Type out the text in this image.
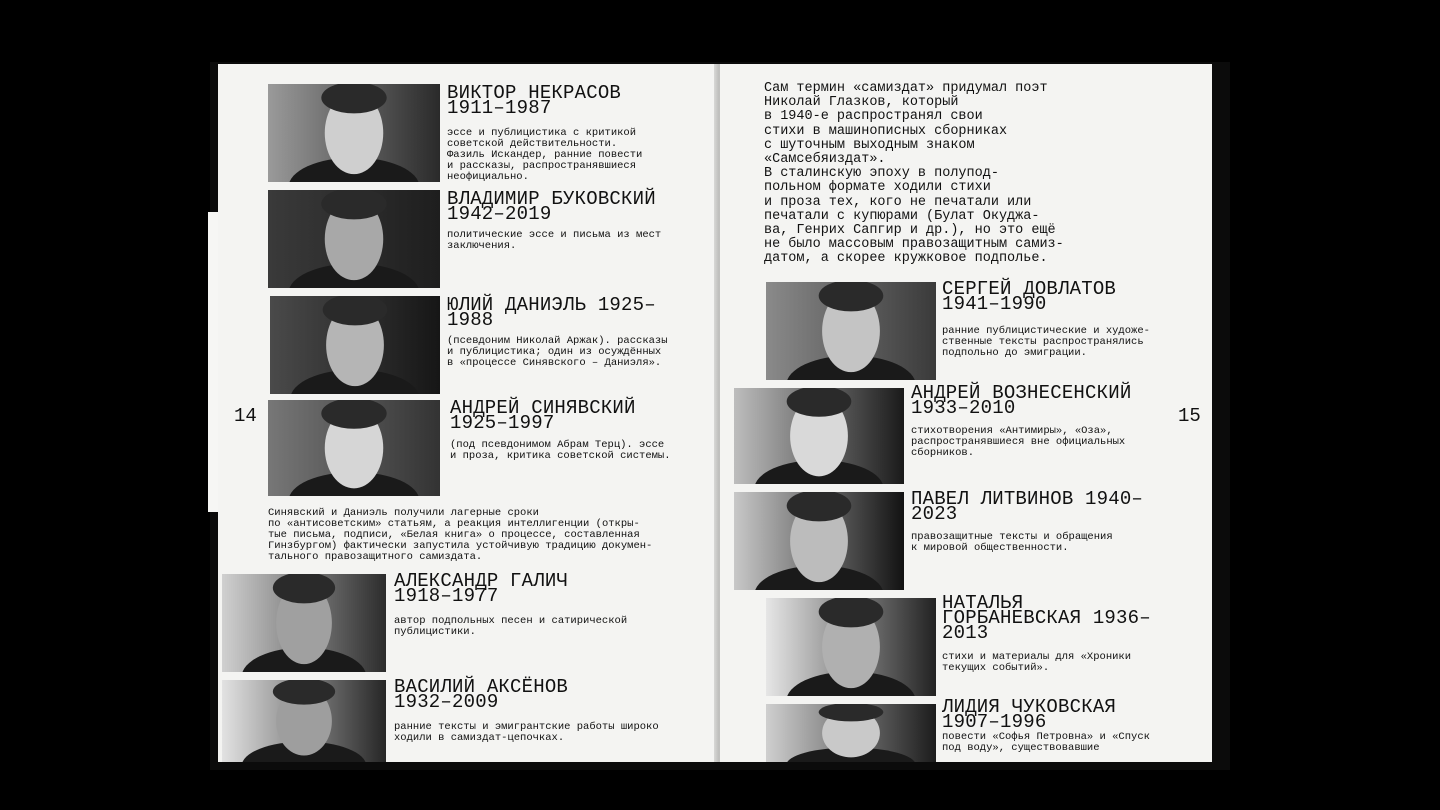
14
ВИКТОР НЕКРАСОВ
1911–1987
эссе и публицистика с критикой
советской действительности.
Фазиль Искандер, ранние повести
и рассказы, распространявшиеся
неофициально.
ВЛАДИМИР БУКОВСКИЙ
1942–2019
политические эссе и письма из мест
заключения.
ЮЛИЙ ДАНИЭЛЬ 1925–
1988
(псевдоним Николай Аржак). рассказы
и публицистика; один из осуждённых
в «процессе Синявского – Даниэля».
АНДРЕЙ СИНЯВСКИЙ
1925–1997
(под псевдонимом Абрам Терц). эссе
и проза, критика советской системы.
Синявский и Даниэль получили лагерные сроки
по «антисоветским» статьям, а реакция интеллигенции (откры-
тые письма, подписи, «Белая книга» о процессе, составленная
Гинзбургом) фактически запустила устойчивую традицию докумен-
тального правозащитного самиздата.
АЛЕКСАНДР ГАЛИЧ
1918–1977
автор подпольных песен и сатирической
публицистики.
ВАСИЛИЙ АКСЁНОВ
1932–2009
ранние тексты и эмигрантские работы широко
ходили в самиздат-цепочках.
15
Сам термин «самиздат» придумал поэт
Николай Глазков, который
в 1940-е распространял свои
стихи в машинописных сборниках
с шуточным выходным знаком
«Самсебяиздат».
В сталинскую эпоху в полупод-
польном формате ходили стихи
и проза тех, кого не печатали или
печатали с купюрами (Булат Окуджа-
ва, Генрих Сапгир и др.), но это ещё
не было массовым правозащитным самиз-
датом, а скорее кружковое подполье.
СЕРГЕЙ ДОВЛАТОВ
1941–1990
ранние публицистические и художе-
ственные тексты распространялись
подпольно до эмиграции.
АНДРЕЙ ВОЗНЕСЕНСКИЙ
1933–2010
стихотворения «Антимиры», «Оза»,
распространявшиеся вне официальных
сборников.
ПАВЕЛ ЛИТВИНОВ 1940–
2023
правозащитные тексты и обращения
к мировой общественности.
НАТАЛЬЯ
ГОРБАНЕВСКАЯ 1936–
2013
стихи и материалы для «Хроники
текущих событий».
ЛИДИЯ ЧУКОВСКАЯ
1907–1996
повести «Софья Петровна» и «Спуск
под воду», существовавшие
